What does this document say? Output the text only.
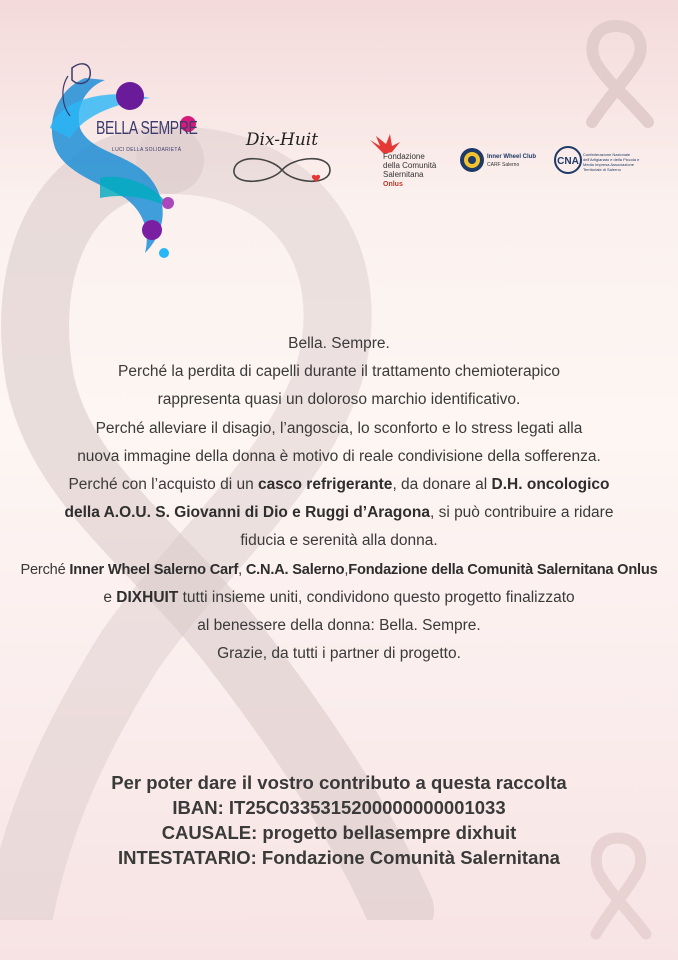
BELLA SEMPRE
LUCI DELLA SOLIDARIETÀ	Dix-Huit
Fondazione
della Comunità
Salernitana
Onlus
Inner Wheel Club
CARF Salerno	CNA
Confederazione Nazionale dell'Artigianato e della Piccola e Media Impresa Associazione Territoriale di Salerno

Bella. Sempre.

Perché la perdita di capelli durante il trattamento chemioterapico

rappresenta quasi un doloroso marchio identificativo.

Perché alleviare il disagio, l’angoscia, lo sconforto e lo stress legati alla

nuova immagine della donna è motivo di reale condivisione della sofferenza.

Perché con l’acquisto di un casco refrigerante, da donare al D.H. oncologico

della A.O.U. S. Giovanni di Dio e Ruggi d’Aragona, si può contribuire a ridare

fiducia e serenità alla donna.

Perché Inner Wheel Salerno Carf, C.N.A. Salerno,Fondazione della Comunità Salernitana Onlus

e DIXHUIT tutti insieme uniti, condividono questo progetto finalizzato

al benessere della donna: Bella. Sempre.

Grazie, da tutti i partner di progetto.

Per poter dare il vostro contributo a questa raccolta

IBAN: IT25C0335315200000000001033

CAUSALE: progetto bellasempre dixhuit

INTESTATARIO: Fondazione Comunità Salernitana
